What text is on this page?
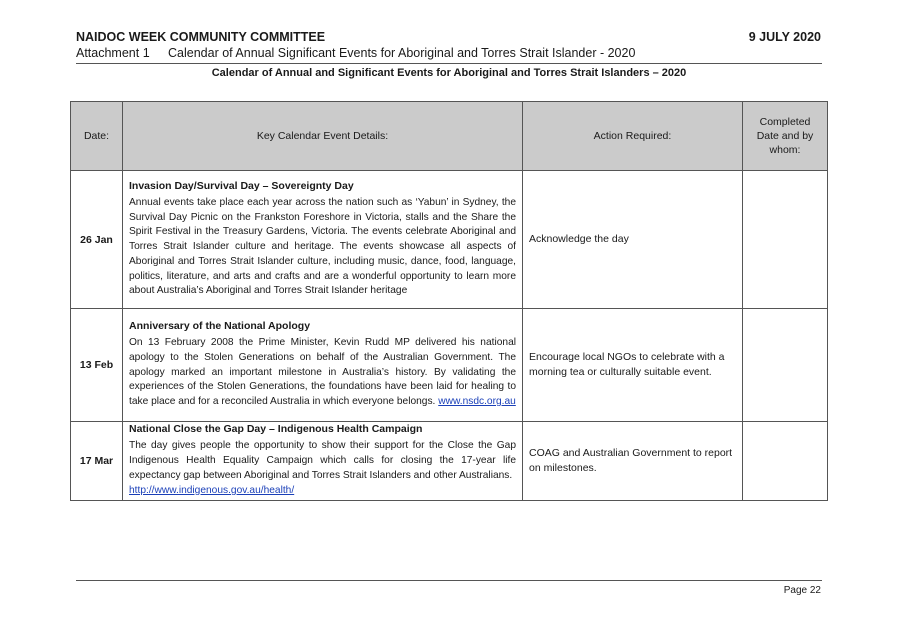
NAIDOC WEEK COMMUNITY COMMITTEE	9 JULY 2020
Attachment 1 Calendar of Annual Significant Events for Aboriginal and Torres Strait Islander - 2020
Calendar of Annual and Significant Events for Aboriginal and Torres Strait Islanders – 2020
Date:	Key Calendar Event Details:	Action Required:	Completed Date and by whom:
26 Jan	Invasion Day/Survival Day – Sovereignty Day
Annual events take place each year across the nation such as ‘Yabun’ in Sydney, the Survival Day Picnic on the Frankston Foreshore in Victoria, stalls and the Share the Spirit Festival in the Treasury Gardens, Victoria. The events celebrate Aboriginal and Torres Strait Islander culture and heritage. The events showcase all aspects of Aboriginal and Torres Strait Islander culture, including music, dance, food, language, politics, literature, and arts and crafts and are a wonderful opportunity to learn more about Australia’s Aboriginal and Torres Strait Islander heritage	Acknowledge the day	
13 Feb	Anniversary of the National Apology
On 13 February 2008 the Prime Minister, Kevin Rudd MP delivered his national apology to the Stolen Generations on behalf of the Australian Government. The apology marked an important milestone in Australia’s history. By validating the experiences of the Stolen Generations, the foundations have been laid for healing to take place and for a reconciled Australia in which everyone belongs. www.nsdc.org.au	Encourage local NGOs to celebrate with a morning tea or culturally suitable event.	
17 Mar	National Close the Gap Day – Indigenous Health Campaign
The day gives people the opportunity to show their support for the Close the Gap Indigenous Health Equality Campaign which calls for closing the 17-year life expectancy gap between Aboriginal and Torres Strait Islanders and other Australians.
http://www.indigenous.gov.au/health/	COAG and Australian Government to report on milestones.	
Page 22
